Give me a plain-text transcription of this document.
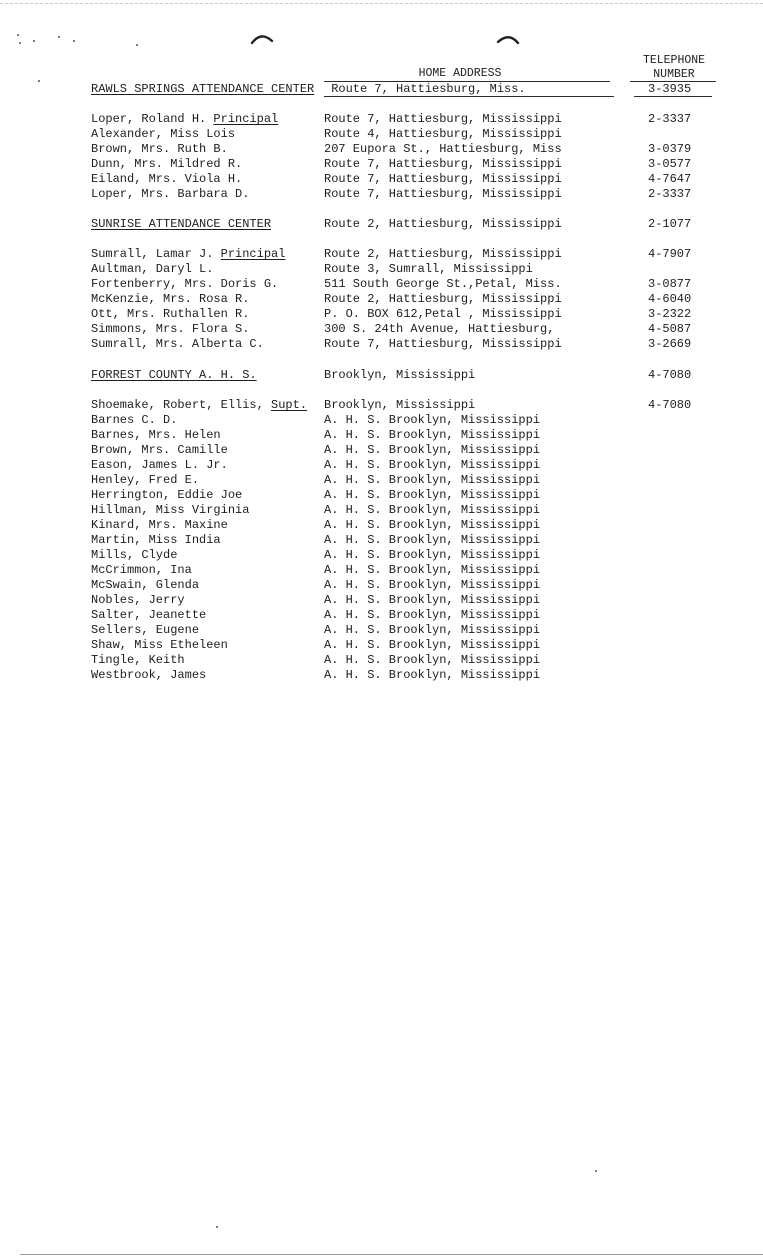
HOME ADDRESS
TELEPHONE
NUMBER
RAWLS SPRINGS ATTENDANCE CENTER Route 7, Hattiesburg, Miss.	3-3935
Loper, Roland H. Principal	Route 7, Hattiesburg, Mississippi	2-3337
Alexander, Miss Lois	Route 4, Hattiesburg, Mississippi
Brown, Mrs. Ruth B.	207 Eupora St., Hattiesburg, Miss	3-0379
Dunn, Mrs. Mildred R.	Route 7, Hattiesburg, Mississippi	3-0577
Eiland, Mrs. Viola H.	Route 7, Hattiesburg, Mississippi	4-7647
Loper, Mrs. Barbara D.	Route 7, Hattiesburg, Mississippi	2-3337
SUNRISE ATTENDANCE CENTER	Route 2, Hattiesburg, Mississippi	2-1077
Sumrall, Lamar J. Principal	Route 2, Hattiesburg, Mississippi	4-7907
Aultman, Daryl L.	Route 3, Sumrall, Mississippi
Fortenberry, Mrs. Doris G.	511 South George St.,Petal, Miss.	3-0877
McKenzie, Mrs. Rosa R.	Route 2, Hattiesburg, Mississippi	4-6040
Ott, Mrs. Ruthallen R.	P. O. BOX 612,Petal , Mississippi	3-2322
Simmons, Mrs. Flora S.	300 S. 24th Avenue, Hattiesburg,	4-5087
Sumrall, Mrs. Alberta C.	Route 7, Hattiesburg, Mississippi	3-2669
FORREST COUNTY A. H. S.	Brooklyn, Mississippi	4-7080
Shoemake, Robert, Ellis, Supt. Brooklyn, Mississippi	4-7080
Barnes C. D.	A. H. S. Brooklyn, Mississippi
Barnes, Mrs. Helen	A. H. S. Brooklyn, Mississippi
Brown, Mrs. Camille	A. H. S. Brooklyn, Mississippi
Eason, James L. Jr.	A. H. S. Brooklyn, Mississippi
Henley, Fred E.	A. H. S. Brooklyn, Mississippi
Herrington, Eddie Joe	A. H. S. Brooklyn, Mississippi
Hillman, Miss Virginia	A. H. S. Brooklyn, Mississippi
Kinard, Mrs. Maxine	A. H. S. Brooklyn, Mississippi
Martin, Miss India	A. H. S. Brooklyn, Mississippi
Mills, Clyde	A. H. S. Brooklyn, Mississippi
McCrimmon, Ina	A. H. S. Brooklyn, Mississippi
McSwain, Glenda	A. H. S. Brooklyn, Mississippi
Nobles, Jerry	A. H. S. Brooklyn, Mississippi
Salter, Jeanette	A. H. S. Brooklyn, Mississippi
Sellers, Eugene	A. H. S. Brooklyn, Mississippi
Shaw, Miss Etheleen	A. H. S. Brooklyn, Mississippi
Tingle, Keith	A. H. S. Brooklyn, Mississippi
Westbrook, James	A. H. S. Brooklyn, Mississippi
